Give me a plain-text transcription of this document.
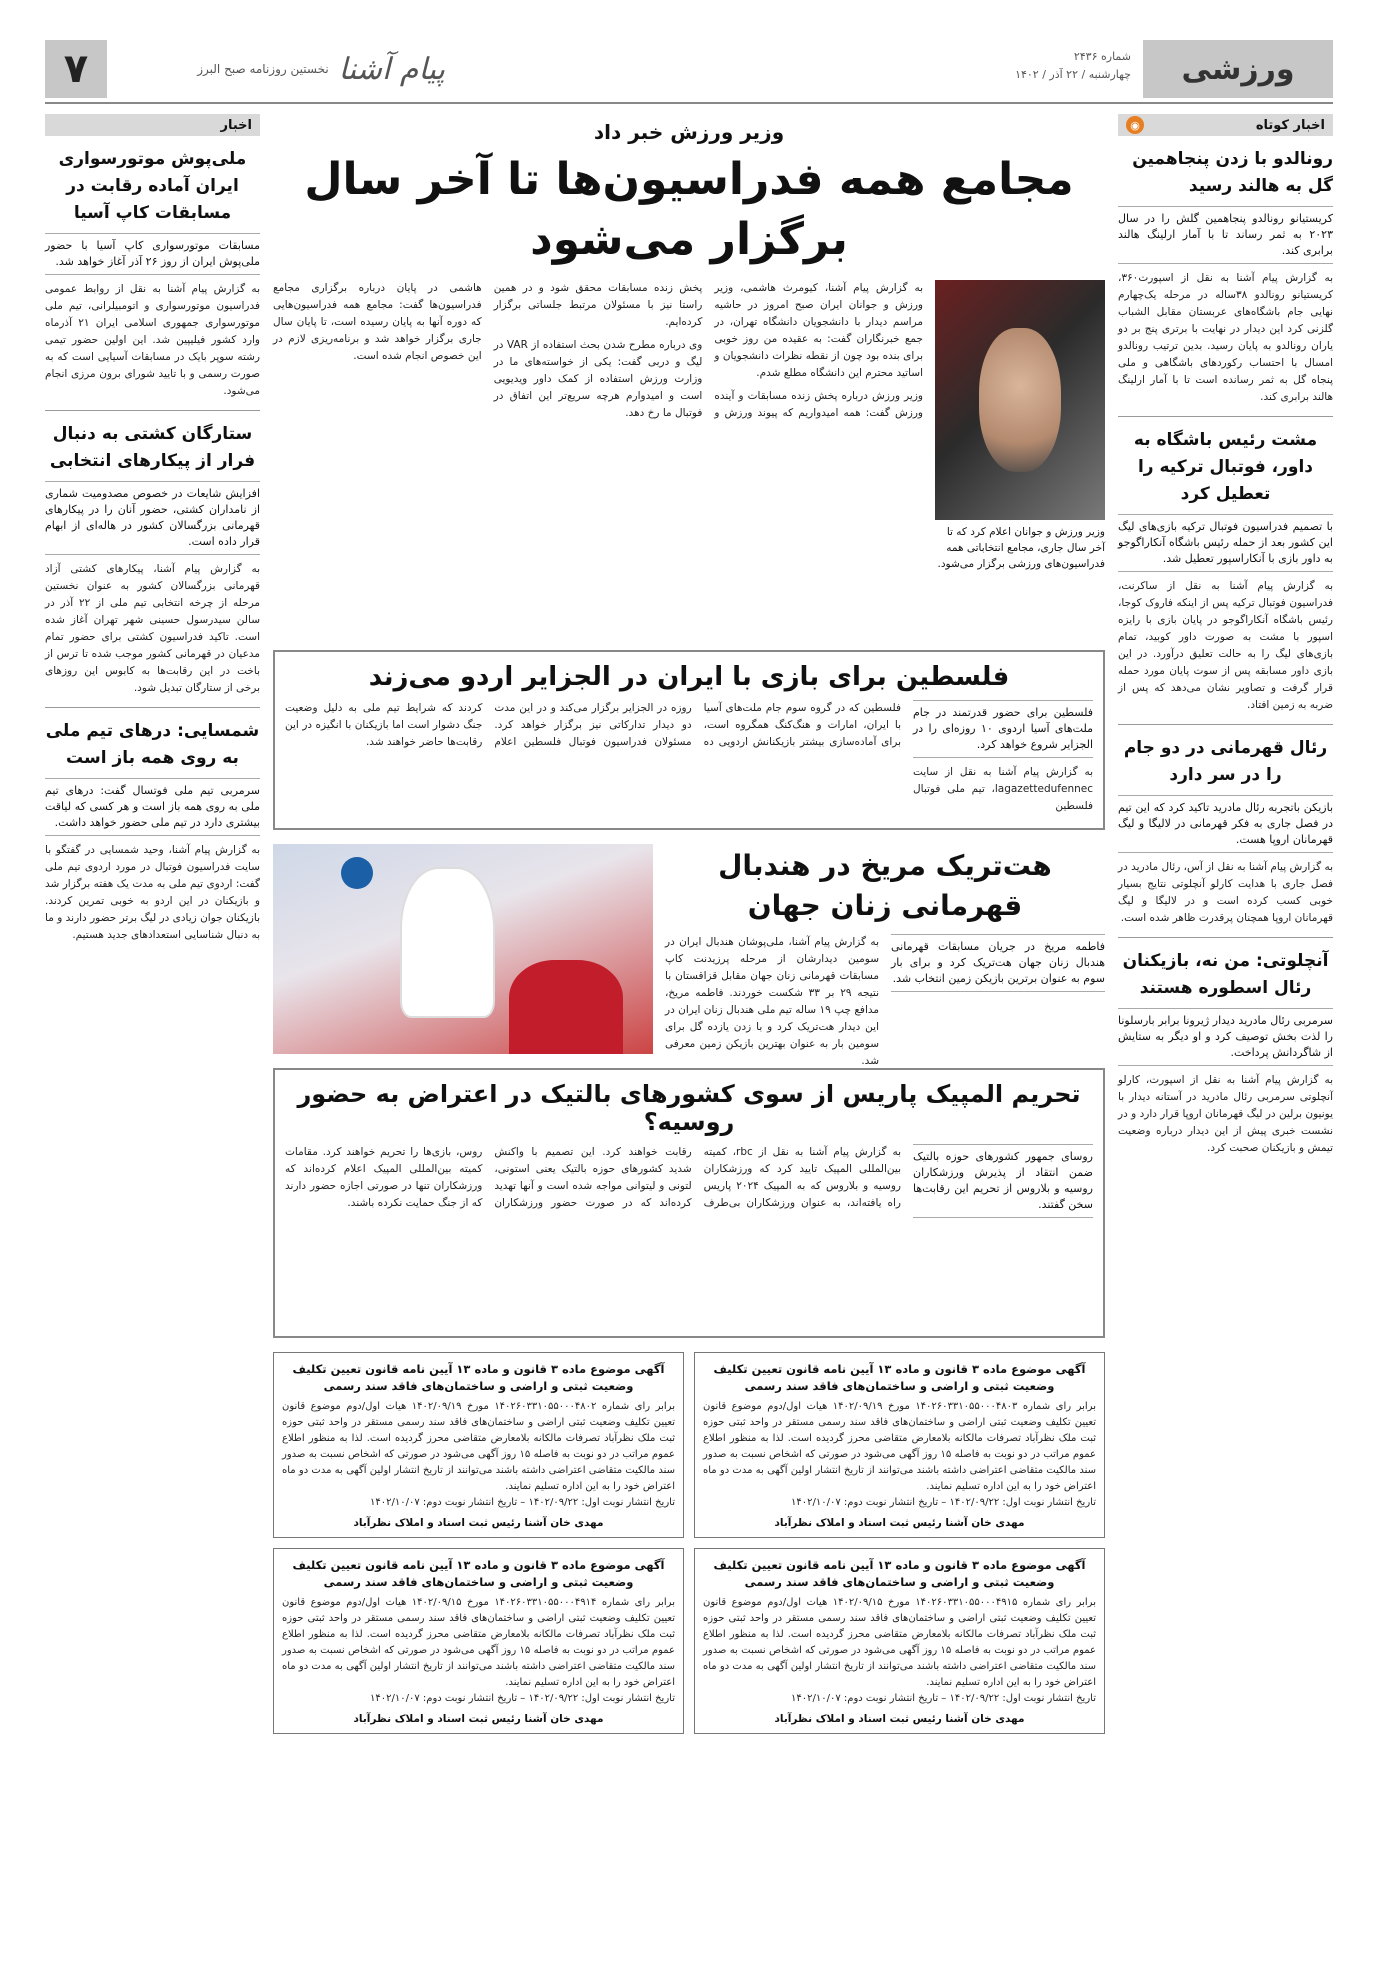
ورزشی
شماره ۲۴۳۶
چهارشنبه / ۲۲ آذر / ۱۴۰۲
پیام آشنا
نخستین روزنامه صبح البرز
۷
اخبار کوتاه
◉
رونالدو با زدن پنجاهمین گل به هالند رسید
کریستیانو رونالدو پنجاهمین گلش را در سال ۲۰۲۳ به ثمر رساند تا با آمار ارلینگ هالند برابری کند.

به گزارش پیام آشنا به نقل از اسپورت۳۶۰، کریستیانو رونالدو ۳۸ساله در مرحله یک‌چهارم نهایی جام باشگاه‌های عربستان مقابل الشباب گلزنی کرد این دیدار در نهایت با برتری پنج بر دو یاران رونالدو به پایان رسید. بدین ترتیب رونالدو امسال با احتساب رکوردهای باشگاهی و ملی پنجاه گل به ثمر رسانده است تا با آمار ارلینگ هالند برابری کند.

مشت رئیس باشگاه به داور، فوتبال ترکیه را تعطیل کرد
با تصمیم فدراسیون فوتبال ترکیه بازی‌های لیگ این کشور بعد از حمله رئیس باشگاه آنکاراگوجو به داور بازی با آنکاراسپور تعطیل شد.

به گزارش پیام آشنا به نقل از ساکرنت، فدراسیون فوتبال ترکیه پس از اینکه فاروک کوجا، رئیس باشگاه آنکاراگوجو در پایان بازی با رایزه اسپور با مشت به صورت داور کوبید، تمام بازی‌های لیگ را به حالت تعلیق درآورد. در این بازی داور مسابقه پس از سوت پایان مورد حمله قرار گرفت و تصاویر نشان می‌دهد که پس از ضربه به زمین افتاد.

رئال قهرمانی در دو جام را در سر دارد
بازیکن باتجربه رئال مادرید تاکید کرد که این تیم در فصل جاری به فکر قهرمانی در لالیگا و لیگ قهرمانان اروپا هست.

به گزارش پیام آشنا به نقل از آس، رئال مادرید در فصل جاری با هدایت کارلو آنچلوتی نتایج بسیار خوبی کسب کرده است و در لالیگا و لیگ قهرمانان اروپا همچنان پرقدرت ظاهر شده است.

آنچلوتی: من نه، بازیکنان رئال اسطوره هستند
سرمربی رئال مادرید دیدار ژیرونا برابر بارسلونا را لذت بخش توصیف کرد و او دیگر به ستایش از شاگردانش پرداخت.

به گزارش پیام آشنا به نقل از اسپورت، کارلو آنچلوتی سرمربی رئال مادرید در آستانه دیدار با یونیون برلین در لیگ قهرمانان اروپا قرار دارد و در نشست خبری پیش از این دیدار درباره وضعیت تیمش و بازیکنان صحبت کرد.

اخبار
ملی‌پوش موتورسواری ایران آماده رقابت در مسابقات کاپ آسیا
مسابقات موتورسواری کاپ آسیا با حضور ملی‌پوش ایران از روز ۲۶ آذر آغاز خواهد شد.

به گزارش پیام آشنا به نقل از روابط عمومی فدراسیون موتورسواری و اتومبیلرانی، تیم ملی موتورسواری جمهوری اسلامی ایران ۲۱ آذرماه وارد کشور فیلیپین شد. این اولین حضور تیمی رشته سوپر بایک در مسابقات آسیایی است که به صورت رسمی و با تایید شورای برون مرزی انجام می‌شود.

ستارگان کشتی به دنبال فرار از پیکارهای انتخابی
افزایش شایعات در خصوص مصدومیت شماری از نامداران کشتی، حضور آنان را در پیکارهای قهرمانی بزرگسالان کشور در هاله‌ای از ابهام قرار داده است.

به گزارش پیام آشنا، پیکارهای کشتی آزاد قهرمانی بزرگسالان کشور به عنوان نخستین مرحله از چرخه انتخابی تیم ملی از ۲۲ آذر در سالن سیدرسول حسینی شهر تهران آغاز شده است. تاکید فدراسیون کشتی برای حضور تمام مدعیان در قهرمانی کشور موجب شده تا ترس از باخت در این رقابت‌ها به کابوس این روزهای برخی از ستارگان تبدیل شود.

شمسایی: درهای تیم ملی به روی همه باز است
سرمربی تیم ملی فوتسال گفت: درهای تیم ملی به روی همه باز است و هر کسی که لیاقت بیشتری دارد در تیم ملی حضور خواهد داشت.

به گزارش پیام آشنا، وحید شمسایی در گفتگو با سایت فدراسیون فوتبال در مورد اردوی تیم ملی گفت: اردوی تیم ملی به مدت یک هفته برگزار شد و بازیکنان در این اردو به خوبی تمرین کردند. بازیکنان جوان زیادی در لیگ برتر حضور دارند و ما به دنبال شناسایی استعدادهای جدید هستیم.

وزیر ورزش خبر داد
مجامع همه فدراسیون‌ها تا آخر سال برگزار می‌شود
وزیر ورزش و جوانان اعلام کرد که تا آخر سال جاری، مجامع انتخاباتی همه فدراسیون‌های ورزشی برگزار می‌شود.

به گزارش پیام آشنا، کیومرث هاشمی، وزیر ورزش و جوانان ایران صبح امروز در حاشیه مراسم دیدار با دانشجویان دانشگاه تهران، در جمع خبرنگاران گفت: به عقیده من روز خوبی برای بنده بود چون از نقطه نظرات دانشجویان و اساتید محترم این دانشگاه مطلع شدم.

وزیر ورزش درباره پخش زنده مسابقات و آینده ورزش گفت: همه امیدواریم که پیوند ورزش و پخش زنده مسابقات محقق شود و در همین راستا نیز با مسئولان مرتبط جلساتی برگزار کرده‌ایم.

وی درباره مطرح شدن بحث استفاده از VAR در لیگ و دربی گفت: یکی از خواسته‌های ما در وزارت ورزش استفاده از کمک داور ویدیویی است و امیدوارم هرچه سریع‌تر این اتفاق در فوتبال ما رخ دهد.

هاشمی در پایان درباره برگزاری مجامع فدراسیون‌ها گفت: مجامع همه فدراسیون‌هایی که دوره آنها به پایان رسیده است، تا پایان سال جاری برگزار خواهد شد و برنامه‌ریزی لازم در این خصوص انجام شده است.

فلسطین برای بازی با ایران در الجزایر اردو می‌زند
فلسطین برای حضور قدرتمند در جام ملت‌های آسیا اردوی ۱۰ روزه‌ای را در الجزایر شروع خواهد کرد.

به گزارش پیام آشنا به نقل از سایت lagazettedufennec، تیم ملی فوتبال فلسطین

فلسطین که در گروه سوم جام ملت‌های آسیا با ایران، امارات و هنگ‌کنگ همگروه است، برای آماده‌سازی بیشتر بازیکنانش اردویی ده روزه در الجزایر برگزار می‌کند و در این مدت دو دیدار تدارکاتی نیز برگزار خواهد کرد. مسئولان فدراسیون فوتبال فلسطین اعلام کردند که شرایط تیم ملی به دلیل وضعیت جنگ دشوار است اما بازیکنان با انگیزه در این رقابت‌ها حاضر خواهند شد.

هت‌تریک مریخ در هندبال قهرمانی زنان جهان
فاطمه مریخ در جریان مسابقات قهرمانی هندبال زنان جهان هت‌تریک کرد و برای بار سوم به عنوان برترین بازیکن زمین انتخاب شد.

به گزارش پیام آشنا، ملی‌پوشان هندبال ایران در سومین دیدارشان از مرحله پرزیدنت کاپ مسابقات قهرمانی زنان جهان مقابل قزاقستان با نتیجه ۲۹ بر ۳۳ شکست خوردند. فاطمه مریخ، مدافع چپ ۱۹ ساله تیم ملی هندبال زنان ایران در این دیدار هت‌تریک کرد و با زدن یازده گل برای سومین بار به عنوان بهترین بازیکن زمین معرفی شد.

تحریم المپیک پاریس از سوی کشورهای بالتیک در اعتراض به حضور روسیه؟
روسای جمهور کشورهای حوزه بالتیک ضمن انتقاد از پذیرش ورزشکاران روسیه و بلاروس از تحریم این رقابت‌ها سخن گفتند.

به گزارش پیام آشنا به نقل از rbc، کمیته بین‌المللی المپیک تایید کرد که ورزشکاران روسیه و بلاروس که به المپیک ۲۰۲۴ پاریس راه یافته‌اند، به عنوان ورزشکاران بی‌طرف رقابت خواهند کرد. این تصمیم با واکنش شدید کشورهای حوزه بالتیک یعنی استونی، لتونی و لیتوانی مواجه شده است و آنها تهدید کرده‌اند که در صورت حضور ورزشکاران روس، بازی‌ها را تحریم خواهند کرد. مقامات کمیته بین‌المللی المپیک اعلام کرده‌اند که ورزشکاران تنها در صورتی اجازه حضور دارند که از جنگ حمایت نکرده باشند.

آگهی موضوع ماده ۳ قانون و ماده ۱۳ آیین نامه قانون تعیین تکلیف وضعیت ثبتی و اراضی و ساختمان‌های فاقد سند رسمی
برابر رای شماره ۱۴۰۲۶۰۳۳۱۰۵۵۰۰۰۴۸۰۳ مورخ ۱۴۰۲/۰۹/۱۹ هیات اول/دوم موضوع قانون تعیین تکلیف وضعیت ثبتی اراضی و ساختمان‌های فاقد سند رسمی مستقر در واحد ثبتی حوزه ثبت ملک نظرآباد تصرفات مالکانه بلامعارض متقاضی محرز گردیده است. لذا به منظور اطلاع عموم مراتب در دو نوبت به فاصله ۱۵ روز آگهی می‌شود در صورتی که اشخاص نسبت به صدور سند مالکیت متقاضی اعتراضی داشته باشند می‌توانند از تاریخ انتشار اولین آگهی به مدت دو ماه اعتراض خود را به این اداره تسلیم نمایند.
تاریخ انتشار نوبت اول: ۱۴۰۲/۰۹/۲۲ – تاریخ انتشار نوبت دوم: ۱۴۰۲/۱۰/۰۷
مهدی خان آشنا رئیس ثبت اسناد و املاک نظرآباد
آگهی موضوع ماده ۳ قانون و ماده ۱۳ آیین نامه قانون تعیین تکلیف وضعیت ثبتی و اراضی و ساختمان‌های فاقد سند رسمی
برابر رای شماره ۱۴۰۲۶۰۳۳۱۰۵۵۰۰۰۴۸۰۲ مورخ ۱۴۰۲/۰۹/۱۹ هیات اول/دوم موضوع قانون تعیین تکلیف وضعیت ثبتی اراضی و ساختمان‌های فاقد سند رسمی مستقر در واحد ثبتی حوزه ثبت ملک نظرآباد تصرفات مالکانه بلامعارض متقاضی محرز گردیده است. لذا به منظور اطلاع عموم مراتب در دو نوبت به فاصله ۱۵ روز آگهی می‌شود در صورتی که اشخاص نسبت به صدور سند مالکیت متقاضی اعتراضی داشته باشند می‌توانند از تاریخ انتشار اولین آگهی به مدت دو ماه اعتراض خود را به این اداره تسلیم نمایند.
تاریخ انتشار نوبت اول: ۱۴۰۲/۰۹/۲۲ – تاریخ انتشار نوبت دوم: ۱۴۰۲/۱۰/۰۷
مهدی خان آشنا رئیس ثبت اسناد و املاک نظرآباد
آگهی موضوع ماده ۳ قانون و ماده ۱۳ آیین نامه قانون تعیین تکلیف وضعیت ثبتی و اراضی و ساختمان‌های فاقد سند رسمی
برابر رای شماره ۱۴۰۲۶۰۳۳۱۰۵۵۰۰۰۴۹۱۵ مورخ ۱۴۰۲/۰۹/۱۵ هیات اول/دوم موضوع قانون تعیین تکلیف وضعیت ثبتی اراضی و ساختمان‌های فاقد سند رسمی مستقر در واحد ثبتی حوزه ثبت ملک نظرآباد تصرفات مالکانه بلامعارض متقاضی محرز گردیده است. لذا به منظور اطلاع عموم مراتب در دو نوبت به فاصله ۱۵ روز آگهی می‌شود در صورتی که اشخاص نسبت به صدور سند مالکیت متقاضی اعتراضی داشته باشند می‌توانند از تاریخ انتشار اولین آگهی به مدت دو ماه اعتراض خود را به این اداره تسلیم نمایند.
تاریخ انتشار نوبت اول: ۱۴۰۲/۰۹/۲۲ – تاریخ انتشار نوبت دوم: ۱۴۰۲/۱۰/۰۷
مهدی خان آشنا رئیس ثبت اسناد و املاک نظرآباد
آگهی موضوع ماده ۳ قانون و ماده ۱۳ آیین نامه قانون تعیین تکلیف وضعیت ثبتی و اراضی و ساختمان‌های فاقد سند رسمی
برابر رای شماره ۱۴۰۲۶۰۳۳۱۰۵۵۰۰۰۴۹۱۴ مورخ ۱۴۰۲/۰۹/۱۵ هیات اول/دوم موضوع قانون تعیین تکلیف وضعیت ثبتی اراضی و ساختمان‌های فاقد سند رسمی مستقر در واحد ثبتی حوزه ثبت ملک نظرآباد تصرفات مالکانه بلامعارض متقاضی محرز گردیده است. لذا به منظور اطلاع عموم مراتب در دو نوبت به فاصله ۱۵ روز آگهی می‌شود در صورتی که اشخاص نسبت به صدور سند مالکیت متقاضی اعتراضی داشته باشند می‌توانند از تاریخ انتشار اولین آگهی به مدت دو ماه اعتراض خود را به این اداره تسلیم نمایند.
تاریخ انتشار نوبت اول: ۱۴۰۲/۰۹/۲۲ – تاریخ انتشار نوبت دوم: ۱۴۰۲/۱۰/۰۷
مهدی خان آشنا رئیس ثبت اسناد و املاک نظرآباد
